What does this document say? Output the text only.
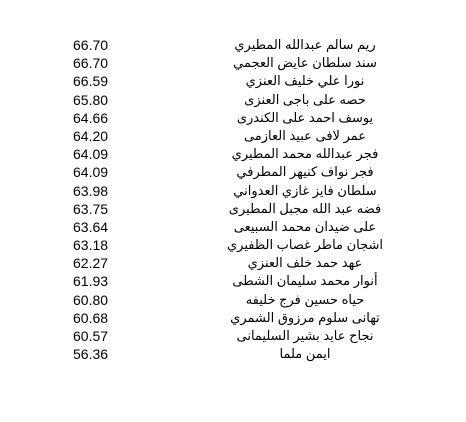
66.70	ريم سالم عبدالله المطيري
66.70	سند سلطان عايض العجمي
66.59	نورا علي خليف العنزي
65.80	حصه على باجى العنزى
64.66	يوسف احمد على الكندرى
64.20	عمر لافى عبيد العازمى
64.09	فجر عبدالله محمد المطيري
64.09	فجر نواف كنيهر المطرفي
63.98	سلطان فايز غازي العدواني
63.75	فضه عبد الله مجبل المطيرى
63.64	على ضيدان محمد السبيعى
63.18	اشجان ماطر غصاب الظفيري
62.27	عهد حمد خلف العنزي
61.93	أنوار محمد سليمان الشطى
60.80	حياه حسين فرج خليفه
60.68	تهانى سلوم مرزوق الشمري
60.57	نجاح عايد بشير السليمانى
56.36	ايمن ملما
